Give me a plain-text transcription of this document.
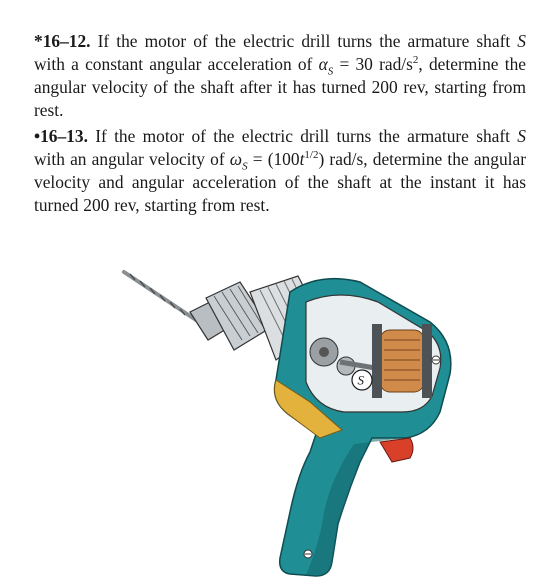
*16–12. If the motor of the electric drill turns the armature shaft S with a constant angular acceleration of $\alpha_S = 30$ rad/$s^2$, determine the angular velocity of the shaft after it has turned 200 rev, starting from rest.

•16–13. If the motor of the electric drill turns the armature shaft S with an angular velocity of $\omega_S = (100t^{1/2})$ rad/s, determine the angular velocity and angular acceleration of the shaft at the instant it has turned 200 rev, starting from rest.

S
